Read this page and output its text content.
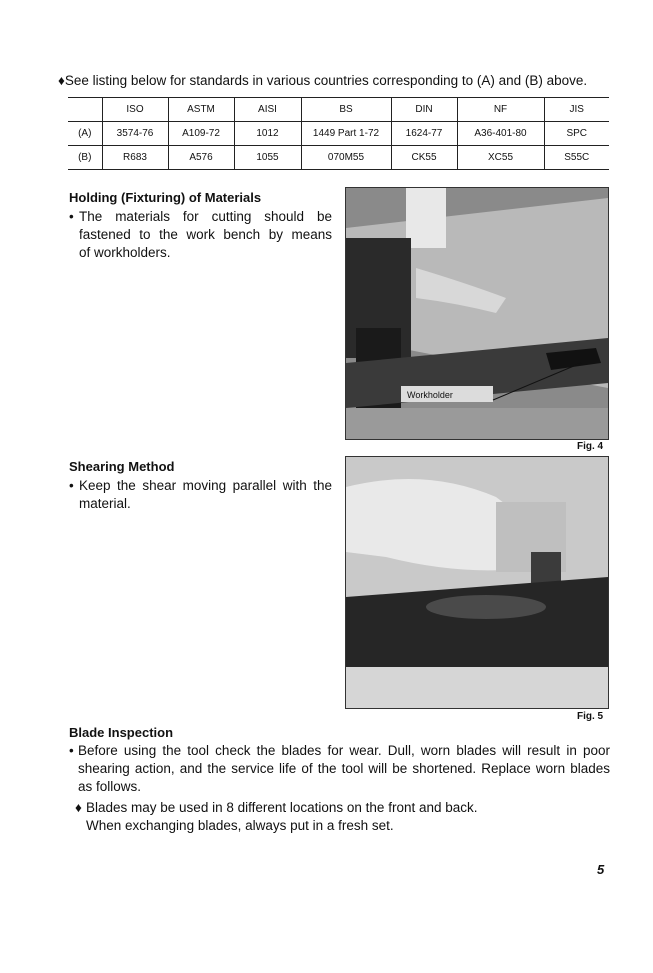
♦See listing below for standards in various countries corresponding to (A) and (B) above.
	ISO	ASTM	AISI	BS	DIN	NF	JIS
(A)	3574-76	A109-72	1012	1449 Part 1-72	1624-77	A36-401-80	SPC
(B)	R683	A576	1055	070M55	CK55	XC55	S55C
Holding (Fixturing) of Materials
• The materials for cutting should be
fastened to the work bench by means
of workholders.
Workholder
Fig. 4
Shearing Method
• Keep the shear moving parallel with the
material.
Fig. 5
Blade Inspection
• Before using the tool check the blades for wear. Dull, worn blades will result in poor
shearing action, and the service life of the tool will be shortened. Replace worn blades
as follows.
♦ Blades may be used in 8 different locations on the front and back.
When exchanging blades, always put in a fresh set.
5
